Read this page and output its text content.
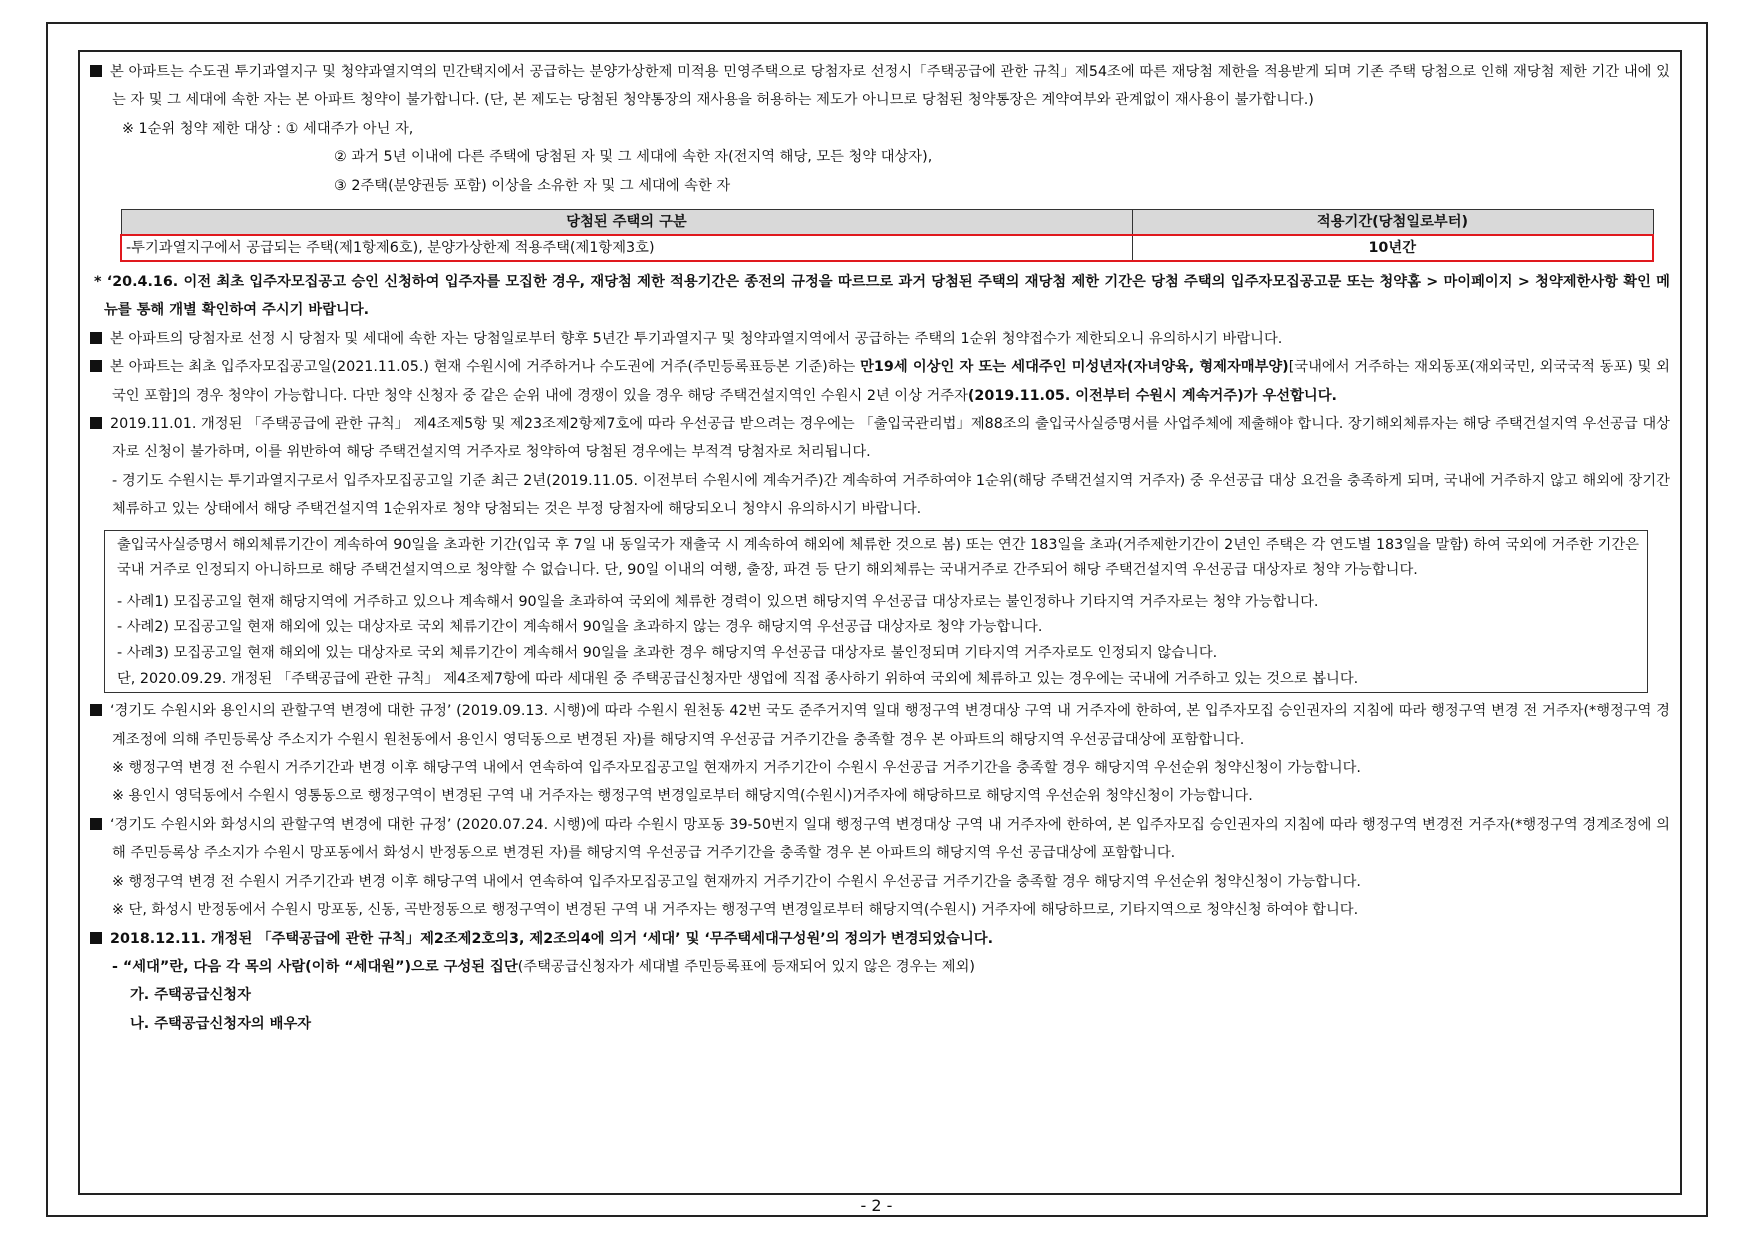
본 아파트는 수도권 투기과열지구 및 청약과열지역의 민간택지에서 공급하는 분양가상한제 미적용 민영주택으로 당첨자로 선정시「주택공급에 관한 규칙」제54조에 따른 재당첨 제한을 적용받게 되며 기존 주택 당첨으로 인해 재당첨 제한 기간 내에 있는 자 및 그 세대에 속한 자는 본 아파트 청약이 불가합니다. (단, 본 제도는 당첨된 청약통장의 재사용을 허용하는 제도가 아니므로 당첨된 청약통장은 계약여부와 관계없이 재사용이 불가합니다.)

※ 1순위 청약 제한 대상 : ① 세대주가 아닌 자,
② 과거 5년 이내에 다른 주택에 당첨된 자 및 그 세대에 속한 자(전지역 해당, 모든 청약 대상자),
③ 2주택(분양권등 포함) 이상을 소유한 자 및 그 세대에 속한 자
당첨된 주택의 구분	적용기간(당첨일로부터)
-투기과열지구에서 공급되는 주택(제1항제6호), 분양가상한제 적용주택(제1항제3호)	10년간

* ‘20.4.16. 이전 최초 입주자모집공고 승인 신청하여 입주자를 모집한 경우, 재당첨 제한 적용기간은 종전의 규정을 따르므로 과거 당첨된 주택의 재당첨 제한 기간은 당첨 주택의 입주자모집공고문 또는 청약홈 > 마이페이지 > 청약제한사항 확인 메뉴를 통해 개별 확인하여 주시기 바랍니다.

본 아파트의 당첨자로 선정 시 당첨자 및 세대에 속한 자는 당첨일로부터 향후 5년간 투기과열지구 및 청약과열지역에서 공급하는 주택의 1순위 청약접수가 제한되오니 유의하시기 바랍니다.

본 아파트는 최초 입주자모집공고일(2021.11.05.) 현재 수원시에 거주하거나 수도권에 거주(주민등록표등본 기준)하는 만19세 이상인 자 또는 세대주인 미성년자(자녀양육, 형제자매부양)[국내에서 거주하는 재외동포(재외국민, 외국국적 동포) 및 외국인 포함]의 경우 청약이 가능합니다. 다만 청약 신청자 중 같은 순위 내에 경쟁이 있을 경우 해당 주택건설지역인 수원시 2년 이상 거주자(2019.11.05. 이전부터 수원시 계속거주)가 우선합니다.

2019.11.01. 개정된 「주택공급에 관한 규칙」 제4조제5항 및 제23조제2항제7호에 따라 우선공급 받으려는 경우에는 「출입국관리법」제88조의 출입국사실증명서를 사업주체에 제출해야 합니다. 장기해외체류자는 해당 주택건설지역 우선공급 대상자로 신청이 불가하며, 이를 위반하여 해당 주택건설지역 거주자로 청약하여 당첨된 경우에는 부적격 당첨자로 처리됩니다.

- 경기도 수원시는 투기과열지구로서 입주자모집공고일 기준 최근 2년(2019.11.05. 이전부터 수원시에 계속거주)간 계속하여 거주하여야 1순위(해당 주택건설지역 거주자) 중 우선공급 대상 요건을 충족하게 되며, 국내에 거주하지 않고 해외에 장기간체류하고 있는 상태에서 해당 주택건설지역 1순위자로 청약 당첨되는 것은 부정 당첨자에 해당되오니 청약시 유의하시기 바랍니다.

출입국사실증명서 해외체류기간이 계속하여 90일을 초과한 기간(입국 후 7일 내 동일국가 재출국 시 계속하여 해외에 체류한 것으로 봄) 또는 연간 183일을 초과(거주제한기간이 2년인 주택은 각 연도별 183일을 말함) 하여 국외에 거주한 기간은 국내 거주로 인정되지 아니하므로 해당 주택건설지역으로 청약할 수 없습니다. 단, 90일 이내의 여행, 출장, 파견 등 단기 해외체류는 국내거주로 간주되어 해당 주택건설지역 우선공급 대상자로 청약 가능합니다.

- 사례1) 모집공고일 현재 해당지역에 거주하고 있으나 계속해서 90일을 초과하여 국외에 체류한 경력이 있으면 해당지역 우선공급 대상자로는 불인정하나 기타지역 거주자로는 청약 가능합니다.
- 사례2) 모집공고일 현재 해외에 있는 대상자로 국외 체류기간이 계속해서 90일을 초과하지 않는 경우 해당지역 우선공급 대상자로 청약 가능합니다.
- 사례3) 모집공고일 현재 해외에 있는 대상자로 국외 체류기간이 계속해서 90일을 초과한 경우 해당지역 우선공급 대상자로 불인정되며 기타지역 거주자로도 인정되지 않습니다.
단, 2020.09.29. 개정된 「주택공급에 관한 규칙」 제4조제7항에 따라 세대원 중 주택공급신청자만 생업에 직접 종사하기 위하여 국외에 체류하고 있는 경우에는 국내에 거주하고 있는 것으로 봅니다.

‘경기도 수원시와 용인시의 관할구역 변경에 대한 규정’ (2019.09.13. 시행)에 따라 수원시 원천동 42번 국도 준주거지역 일대 행정구역 변경대상 구역 내 거주자에 한하여, 본 입주자모집 승인권자의 지침에 따라 행정구역 변경 전 거주자(*행정구역 경계조정에 의해 주민등록상 주소지가 수원시 원천동에서 용인시 영덕동으로 변경된 자)를 해당지역 우선공급 거주기간을 충족할 경우 본 아파트의 해당지역 우선공급대상에 포함합니다.

※ 행정구역 변경 전 수원시 거주기간과 변경 이후 해당구역 내에서 연속하여 입주자모집공고일 현재까지 거주기간이 수원시 우선공급 거주기간을 충족할 경우 해당지역 우선순위 청약신청이 가능합니다.
※ 용인시 영덕동에서 수원시 영통동으로 행정구역이 변경된 구역 내 거주자는 행정구역 변경일로부터 해당지역(수원시)거주자에 해당하므로 해당지역 우선순위 청약신청이 가능합니다.

‘경기도 수원시와 화성시의 관할구역 변경에 대한 규정’ (2020.07.24. 시행)에 따라 수원시 망포동 39-50번지 일대 행정구역 변경대상 구역 내 거주자에 한하여, 본 입주자모집 승인권자의 지침에 따라 행정구역 변경전 거주자(*행정구역 경계조정에 의해 주민등록상 주소지가 수원시 망포동에서 화성시 반정동으로 변경된 자)를 해당지역 우선공급 거주기간을 충족할 경우 본 아파트의 해당지역 우선 공급대상에 포함합니다.

※ 행정구역 변경 전 수원시 거주기간과 변경 이후 해당구역 내에서 연속하여 입주자모집공고일 현재까지 거주기간이 수원시 우선공급 거주기간을 충족할 경우 해당지역 우선순위 청약신청이 가능합니다.
※ 단, 화성시 반정동에서 수원시 망포동, 신동, 곡반정동으로 행정구역이 변경된 구역 내 거주자는 행정구역 변경일로부터 해당지역(수원시) 거주자에 해당하므로, 기타지역으로 청약신청 하여야 합니다.

2018.12.11. 개정된 「주택공급에 관한 규칙」제2조제2호의3, 제2조의4에 의거 ‘세대’ 및 ‘무주택세대구성원’의 정의가 변경되었습니다.

- “세대”란, 다음 각 목의 사람(이하 “세대원”)으로 구성된 집단(주택공급신청자가 세대별 주민등록표에 등재되어 있지 않은 경우는 제외)
가. 주택공급신청자
나. 주택공급신청자의 배우자
- 2 -
